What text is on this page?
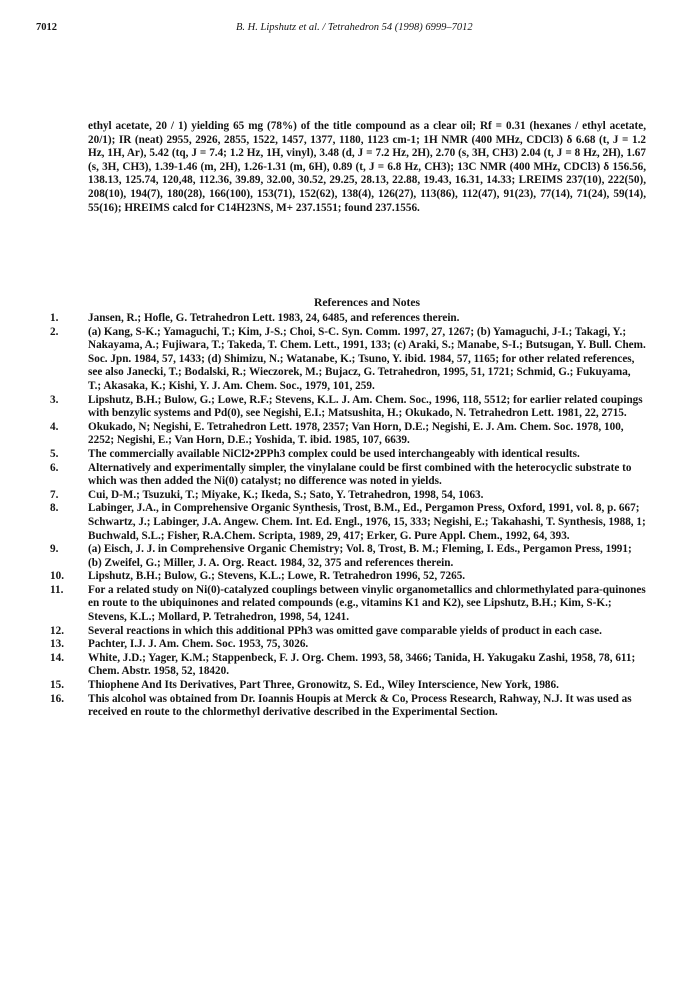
7012	B. H. Lipshutz et al. / Tetrahedron 54 (1998) 6999–7012

ethyl acetate, 20 / 1) yielding 65 mg (78%) of the title compound as a clear oil; Rf = 0.31 (hexanes / ethyl acetate, 20/1); IR (neat) 2955, 2926, 2855, 1522, 1457, 1377, 1180, 1123 cm-1; 1H NMR (400 MHz, CDCl3) δ 6.68 (t, J = 1.2 Hz, 1H, Ar), 5.42 (tq, J = 7.4; 1.2 Hz, 1H, vinyl), 3.48 (d, J = 7.2 Hz, 2H), 2.70 (s, 3H, CH3) 2.04 (t, J = 8 Hz, 2H), 1.67 (s, 3H, CH3), 1.39-1.46 (m, 2H), 1.26-1.31 (m, 6H), 0.89 (t, J = 6.8 Hz, CH3); 13C NMR (400 MHz, CDCl3) δ 156.56, 138.13, 125.74, 120,48, 112.36, 39.89, 32.00, 30.52, 29.25, 28.13, 22.88, 19.43, 16.31, 14.33; LREIMS 237(10), 222(50), 208(10), 194(7), 180(28), 166(100), 153(71), 152(62), 138(4), 126(27), 113(86), 112(47), 91(23), 77(14), 71(24), 59(14), 55(16); HREIMS calcd for C14H23NS, M+ 237.1551; found 237.1556.

References and Notes
1.	Jansen, R.; Hofle, G. Tetrahedron Lett. 1983, 24, 6485, and references therein.
2.	(a) Kang, S-K.; Yamaguchi, T.; Kim, J-S.; Choi, S-C. Syn. Comm. 1997, 27, 1267; (b) Yamaguchi, J-I.; Takagi, Y.; Nakayama, A.; Fujiwara, T.; Takeda, T. Chem. Lett., 1991, 133; (c) Araki, S.; Manabe, S-I.; Butsugan, Y. Bull. Chem. Soc. Jpn. 1984, 57, 1433; (d) Shimizu, N.; Watanabe, K.; Tsuno, Y. ibid. 1984, 57, 1165; for other related references, see also Janecki, T.; Bodalski, R.; Wieczorek, M.; Bujacz, G. Tetrahedron, 1995, 51, 1721; Schmid, G.; Fukuyama, T.; Akasaka, K.; Kishi, Y. J. Am. Chem. Soc., 1979, 101, 259.
3.	Lipshutz, B.H.; Bulow, G.; Lowe, R.F.; Stevens, K.L. J. Am. Chem. Soc., 1996, 118, 5512; for earlier related coupings with benzylic systems and Pd(0), see Negishi, E.I.; Matsushita, H.; Okukado, N. Tetrahedron Lett. 1981, 22, 2715.
4.	Okukado, N; Negishi, E. Tetrahedron Lett. 1978, 2357; Van Horn, D.E.; Negishi, E. J. Am. Chem. Soc. 1978, 100, 2252; Negishi, E.; Van Horn, D.E.; Yoshida, T. ibid. 1985, 107, 6639.
5.	The commercially available NiCl2•2PPh3 complex could be used interchangeably with identical results.
6.	Alternatively and experimentally simpler, the vinylalane could be first combined with the heterocyclic substrate to which was then added the Ni(0) catalyst; no difference was noted in yields.
7.	Cui, D-M.; Tsuzuki, T.; Miyake, K.; Ikeda, S.; Sato, Y. Tetrahedron, 1998, 54, 1063.
8.	Labinger, J.A., in Comprehensive Organic Synthesis, Trost, B.M., Ed., Pergamon Press, Oxford, 1991, vol. 8, p. 667; Schwartz, J.; Labinger, J.A. Angew. Chem. Int. Ed. Engl., 1976, 15, 333; Negishi, E.; Takahashi, T. Synthesis, 1988, 1; Buchwald, S.L.; Fisher, R.A.Chem. Scripta, 1989, 29, 417; Erker, G. Pure Appl. Chem., 1992, 64, 393.
9.	(a) Eisch, J. J. in Comprehensive Organic Chemistry; Vol. 8, Trost, B. M.; Fleming, I. Eds., Pergamon Press, 1991; (b) Zweifel, G.; Miller, J. A. Org. React. 1984, 32, 375 and references therein.
10.	Lipshutz, B.H.; Bulow, G.; Stevens, K.L.; Lowe, R. Tetrahedron 1996, 52, 7265.
11.	For a related study on Ni(0)-catalyzed couplings between vinylic organometallics and chlormethylated para-quinones en route to the ubiquinones and related compounds (e.g., vitamins K1 and K2), see Lipshutz, B.H.; Kim, S-K.; Stevens, K.L.; Mollard, P. Tetrahedron, 1998, 54, 1241.
12.	Several reactions in which this additional PPh3 was omitted gave comparable yields of product in each case.
13.	Pachter, I.J. J. Am. Chem. Soc. 1953, 75, 3026.
14.	White, J.D.; Yager, K.M.; Stappenbeck, F. J. Org. Chem. 1993, 58, 3466; Tanida, H. Yakugaku Zashi, 1958, 78, 611; Chem. Abstr. 1958, 52, 18420.
15.	Thiophene And Its Derivatives, Part Three, Gronowitz, S. Ed., Wiley Interscience, New York, 1986.
16.	This alcohol was obtained from Dr. Ioannis Houpis at Merck & Co, Process Research, Rahway, N.J. It was used as received en route to the chlormethyl derivative described in the Experimental Section.
